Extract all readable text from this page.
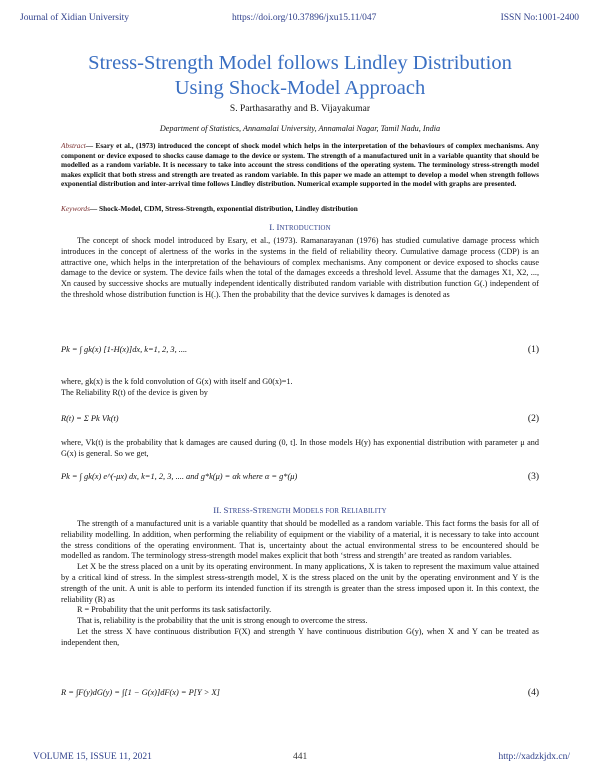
Journal of Xidian University	https://doi.org/10.37896/jxu15.11/047	ISSN No:1001-2400
Stress-Strength Model follows Lindley Distribution
Using Shock-Model Approach
S. Parthasarathy and B. Vijayakumar
Department of Statistics, Annamalai University, Annamalai Nagar, Tamil Nadu, India
Abstract— Esary et al., (1973) introduced the concept of shock model which helps in the interpretation of the behaviours of complex mechanisms. Any component or device exposed to shocks cause damage to the device or system. The strength of a manufactured unit in a variable quantity that should be modelled as a random variable. It is necessary to take into account the stress conditions of the operating system. The terminology stress-strength model makes explicit that both stress and strength are treated as random variable. In this paper we made an attempt to develop a model when strength follows exponential distribution and inter-arrival time follows Lindley distribution. Numerical example supported in the model with graphs are presented.
Keywords— Shock-Model, CDM, Stress-Strength, exponential distribution, Lindley distribution
I. INTRODUCTION

The concept of shock model introduced by Esary, et al., (1973). Ramanarayanan (1976) has studied cumulative damage process which introduces in the concept of alertness of the works in the systems in the field of reliability theory. Cumulative damage process (CDP) is an attractive one, which helps in the interpretation of the behaviours of complex mechanisms. Any component or device exposed to shocks cause damage to the device or system. The device fails when the total of the damages exceeds a threshold level. Assume that the damages X1, X2, ..., Xn caused by successive shocks are mutually independent identically distributed random variable with distribution function G(.) independent of the threshold whose distribution function is H(.). Then the probability that the device survives k damages is denoted as

Pk = ∫ gk(x) [1-H(x)]dx, k=1, 2, 3, ....	(1)

where, gk(x) is the k fold convolution of G(x) with itself and G0(x)=1.

The Reliability R(t) of the device is given by

R(t) = Σ Pk Vk(t)	(2)

where, Vk(t) is the probability that k damages are caused during (0, t]. In those models H(y) has exponential distribution with parameter μ and G(x) is general. So we get,

Pk = ∫ gk(x) e^(-μx) dx, k=1, 2, 3, .... and g*k(μ) = αk where α = g*(μ)	(3)
II. STRESS-STRENGTH MODELS FOR RELIABILITY

The strength of a manufactured unit is a variable quantity that should be modelled as a random variable. This fact forms the basis for all of reliability modelling. In addition, when performing the reliability of equipment or the viability of a material, it is necessary to take into account the stress conditions of the operating environment. That is, uncertainty about the actual environmental stress to be encountered should be modelled as random. The terminology stress-strength model makes explicit that both ‘stress and strength’ are treated as random variables.

Let X be the stress placed on a unit by its operating environment. In many applications, X is taken to represent the maximum value attained by a critical kind of stress. In the simplest stress-strength model, X is the stress placed on the unit by the operating environment and Y is the strength of the unit. A unit is able to perform its intended function if its strength is greater than the stress imposed upon it. In this context, the reliability (R) as

R = Probability that the unit performs its task satisfactorily.

That is, reliability is the probability that the unit is strong enough to overcome the stress.

Let the stress X have continuous distribution F(X) and strength Y have continuous distribution G(y), when X and Y can be treated as independent then,

R = ∫F(y)dG(y) = ∫[1 − G(x)]dF(x) = P[Y > X]	(4)
VOLUME 15, ISSUE 11, 2021	441	http://xadzkjdx.cn/
